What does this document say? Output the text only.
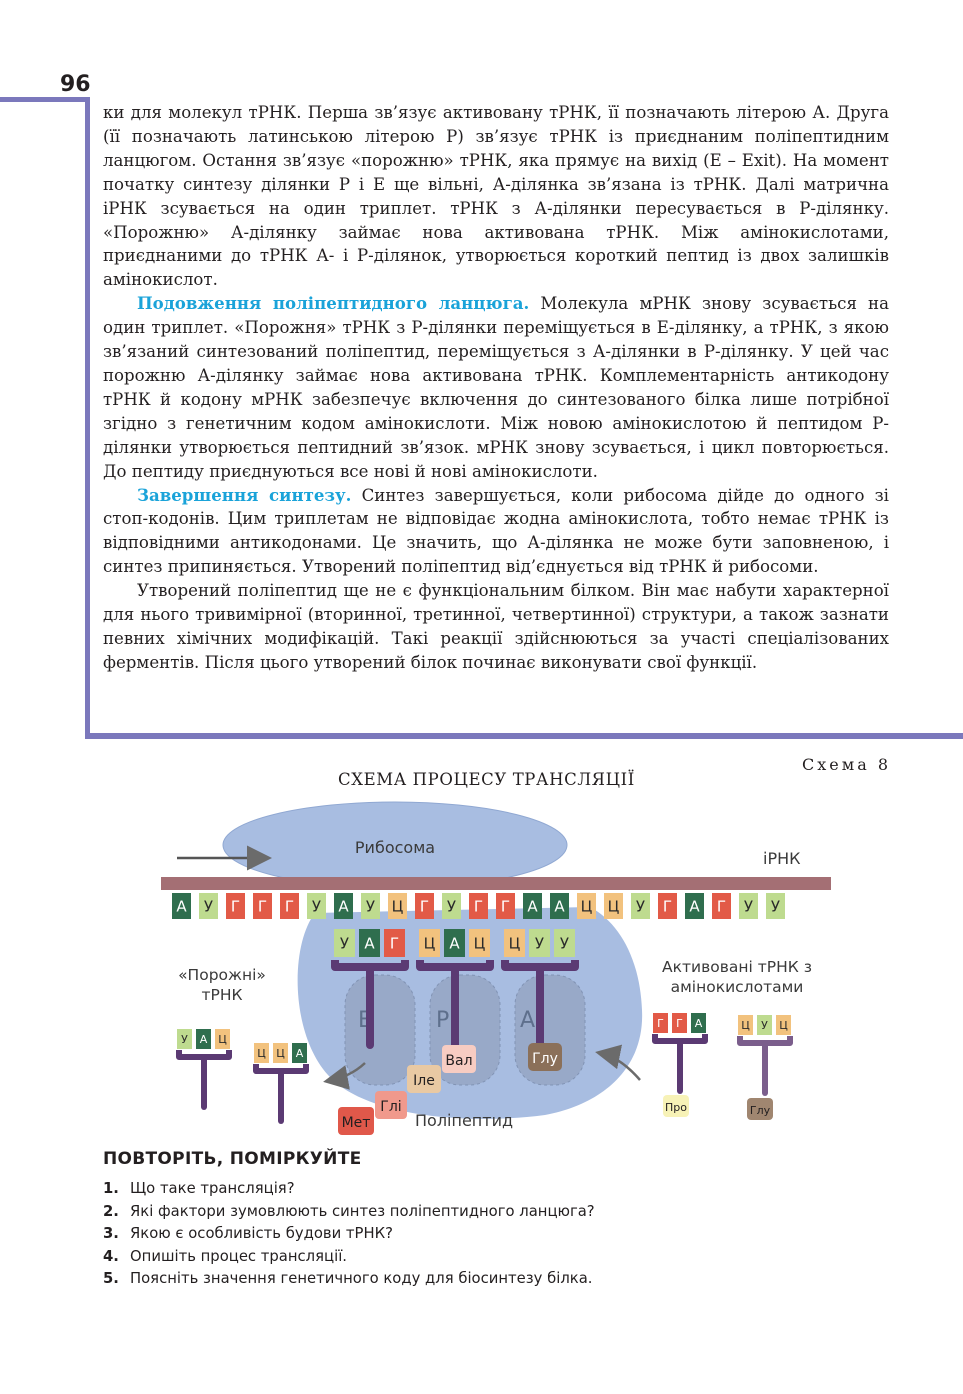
96

ки для молекул тРНК. Перша зв’язує активовану тРНК, її позначають літерою А. Друга (її позначають латинською літерою Р) зв’язує тРНК із приєднаним поліпептидним ланцюгом. Остання зв’язує «порожню» тРНК, яка прямує на вихід (Е – Exit). На момент початку синтезу ділянки Р і Е ще вільні, А-ділянка зв’язана із тРНК. Далі матрична іРНК зсувається на один триплет. тРНК з А-ділянки пересувається в Р-ділянку. «Порожню» А-ділянку займає нова активована тРНК. Між амінокислотами, приєднаними до тРНК А- і Р-ділянок, утворюється короткий пептид із двох залишків амінокислот.

Подовження поліпептидного ланцюга. Молекула мРНК знову зсувається на один триплет. «Порожня» тРНК з Р-ділянки переміщується в Е-ділянку, а тРНК, з якою зв’язаний синтезований поліпептид, переміщується з А-ділянки в Р-ділянку. У цей час порожню А-ділянку займає нова активована тРНК. Комплементарність антикодону тРНК й кодону мРНК забезпечує включення до синтезованого білка лише потрібної згідно з генетичним кодом амінокислоти. Між новою амінокислотою й пептидом Р-ділянки утворюється пептидний зв’язок. мРНК знову зсувається, і цикл повторюється. До пептиду приєднуються все нові й нові амінокислоти.

Завершення синтезу. Синтез завершується, коли рибосома дійде до одного зі стоп-кодонів. Цим триплетам не відповідає жодна амінокислота, тобто немає тРНК із відповідними антикодонами. Це значить, що А-ділянка не може бути заповненою, і синтез припиняється. Утворений поліпептид від’єднується від тРНК й рибосоми.

Утворений поліпептид ще не є функціональним білком. Він має набути характерної для нього тривимірної (вторинної, третинної, четвертинної) структури, а також зазнати певних хімічних модифікацій. Такі реакції здійснюються за участі спеціалізованих ферментів. Після цього утворений білок починає виконувати свої функції.

Схема 8
СХЕМА ПРОЦЕСУ ТРАНСЛЯЦІЇ
Рибосома
іРНК
А У Г Г Г У А У Ц Г У Г Г А А Ц Ц У Г А Г У У
Е	Р	А
У А Г Ц А Ц Ц У У
Глу
Мет
Глі
Іле
Вал
Поліпептид
«Порожні»
тРНК
Активовані тРНК з
амінокислотами
У А Ц
Ц Ц А
Г Г А	Ц У Ц
Про	Глу
ПОВТОРІТЬ, ПОМІРКУЙТЕ
1. Що таке трансляція?
2. Які фактори зумовлюють синтез поліпептидного ланцюга?
3. Якою є особливість будови тРНК?
4. Опишіть процес трансляції.
5. Поясніть значення генетичного коду для біосинтезу білка.
